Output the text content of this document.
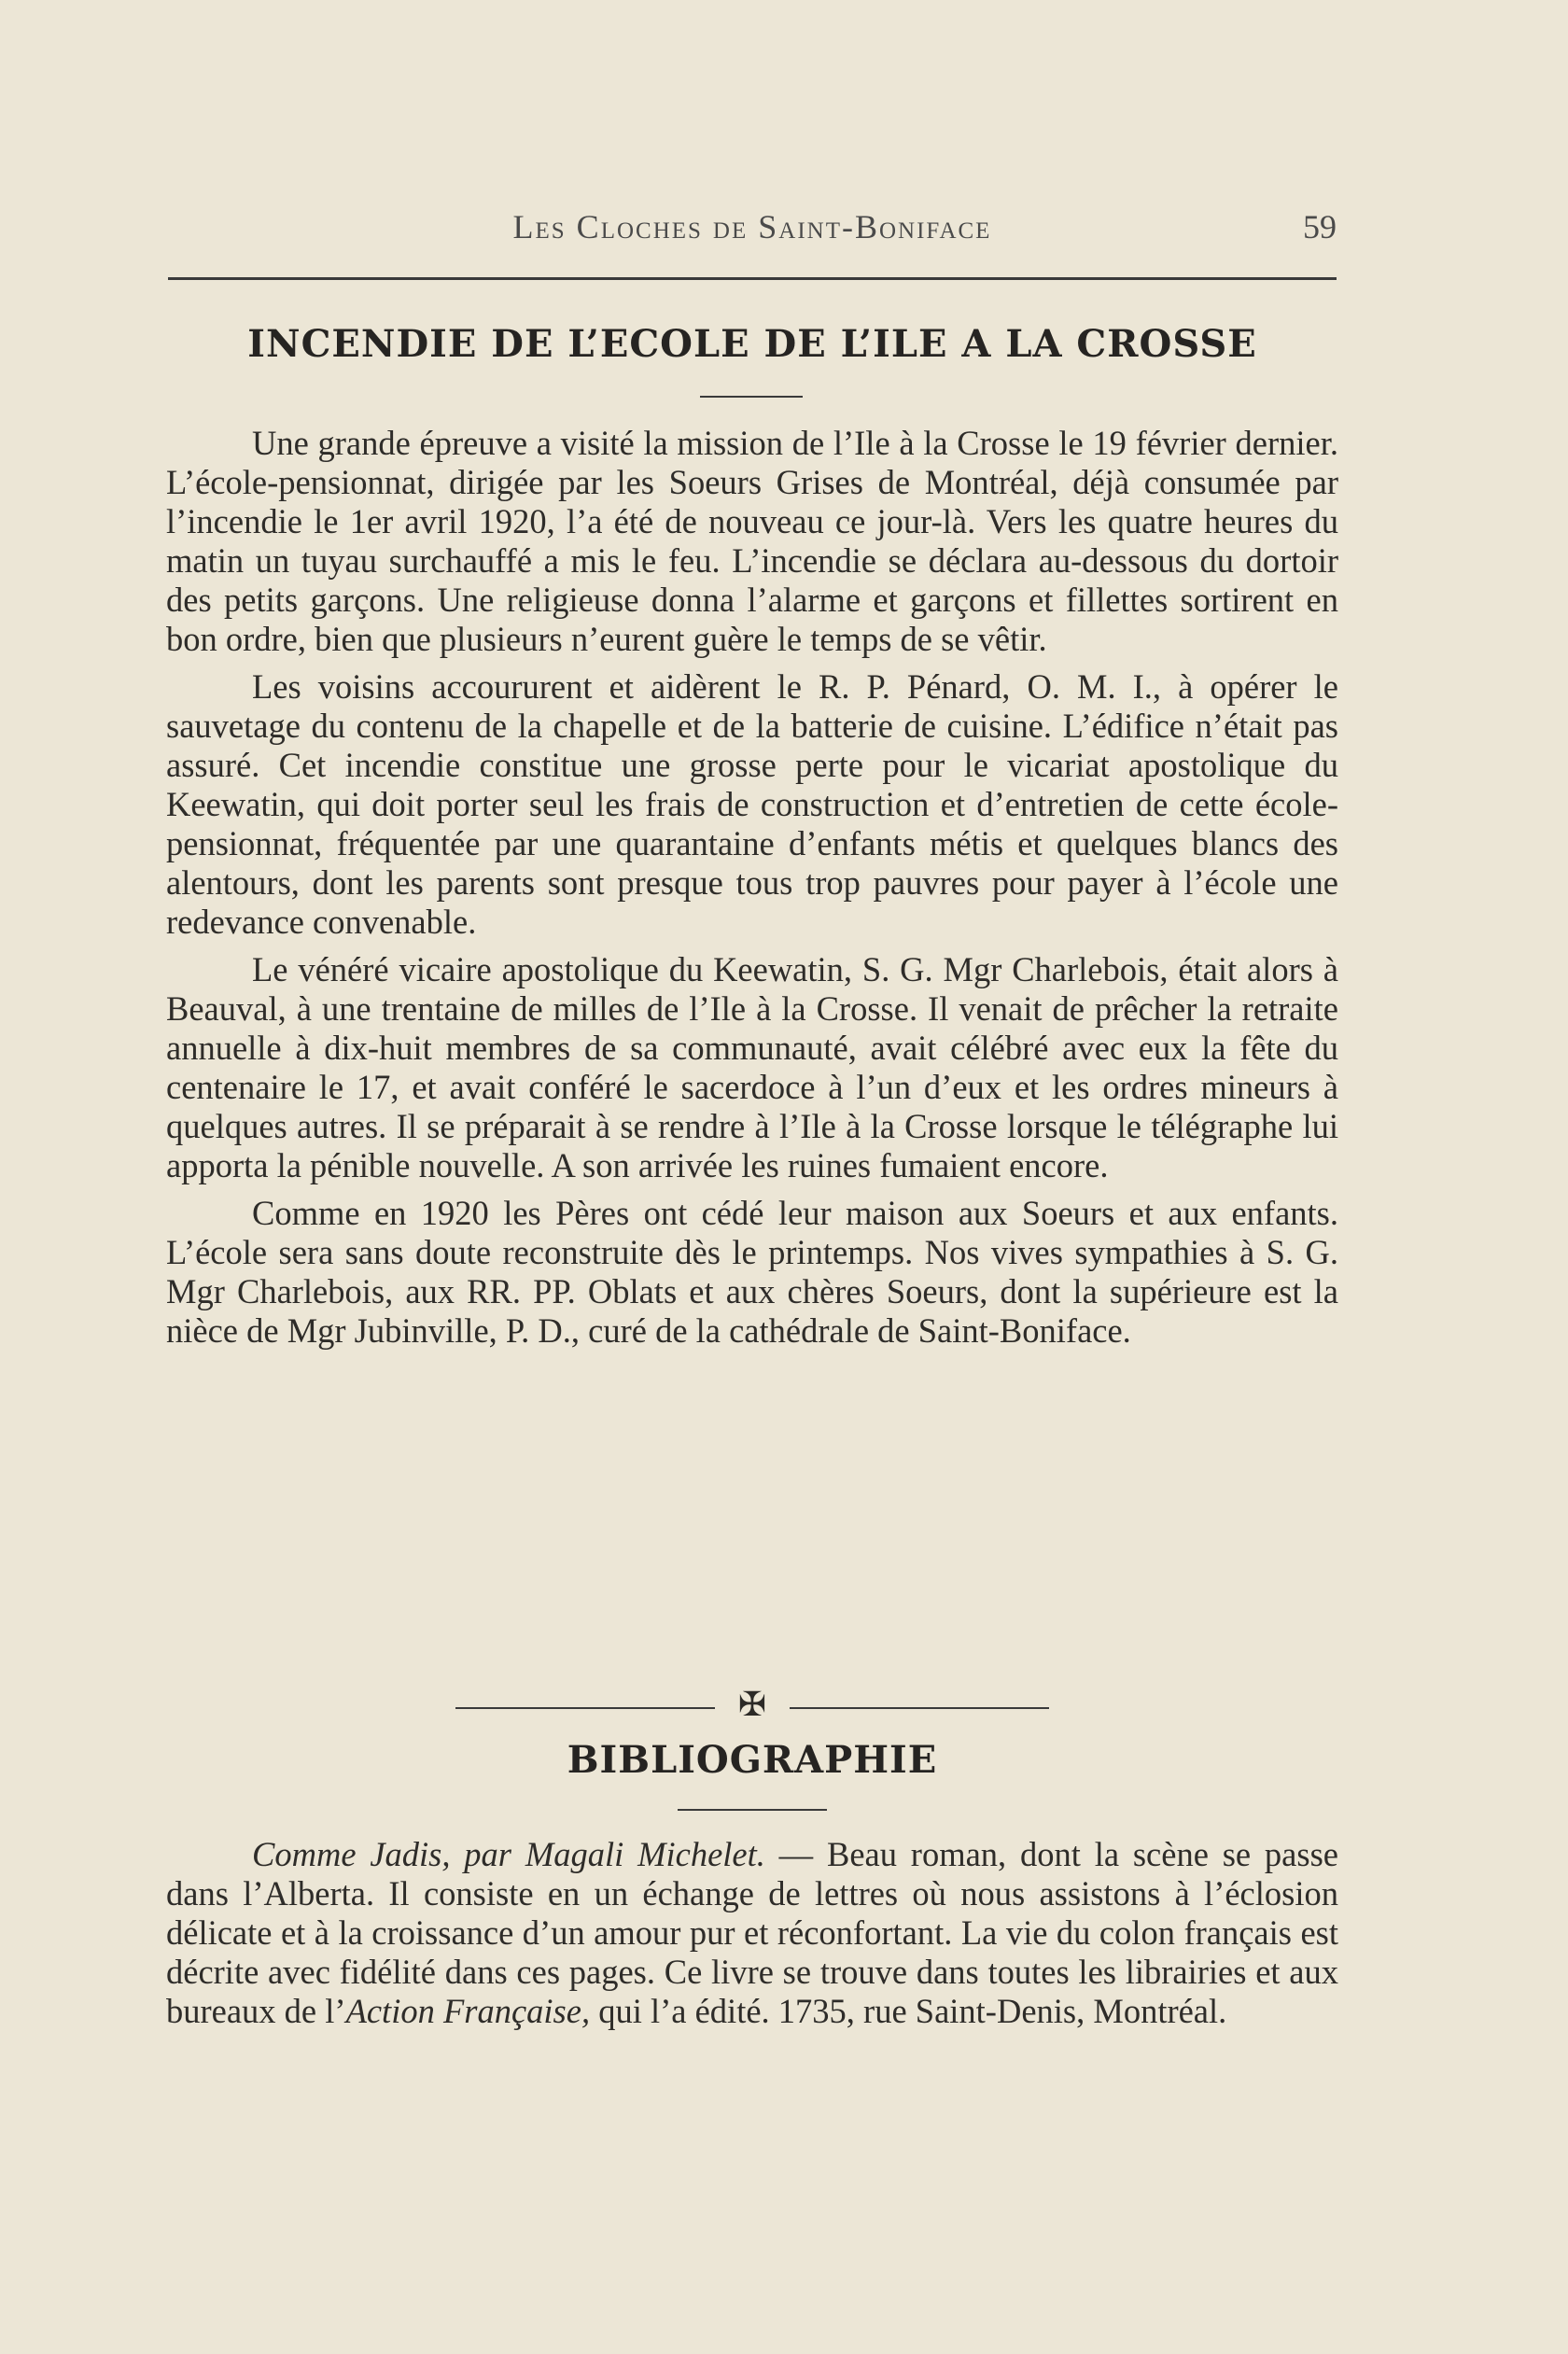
Les Cloches de Saint-Boniface	59
INCENDIE DE L’ECOLE DE L’ILE A LA CROSSE

Une grande épreuve a visité la mission de l’Ile à la Crosse le 19 février dernier. L’école-pensionnat, dirigée par les Soeurs Grises de Montréal, déjà consumée par l’incendie le 1er avril 1920, l’a été de nouveau ce jour-là. Vers les quatre heures du matin un tuyau surchauffé a mis le feu. L’incendie se déclara au-dessous du dortoir des petits garçons. Une religieuse donna l’alarme et garçons et fillettes sortirent en bon ordre, bien que plusieurs n’eurent guère le temps de se vêtir.

Les voisins accoururent et aidèrent le R. P. Pénard, O. M. I., à opérer le sauvetage du contenu de la chapelle et de la batterie de cuisine. L’édifice n’était pas assuré. Cet incendie constitue une grosse perte pour le vicariat apostolique du Keewatin, qui doit porter seul les frais de construction et d’entretien de cette école-pensionnat, fréquentée par une quarantaine d’enfants métis et quelques blancs des alentours, dont les parents sont presque tous trop pauvres pour payer à l’école une redevance convenable.

Le vénéré vicaire apostolique du Keewatin, S. G. Mgr Charlebois, était alors à Beauval, à une trentaine de milles de l’Ile à la Crosse. Il venait de prêcher la retraite annuelle à dix-huit membres de sa communauté, avait célébré avec eux la fête du centenaire le 17, et avait conféré le sacerdoce à l’un d’eux et les ordres mineurs à quelques autres. Il se préparait à se rendre à l’Ile à la Crosse lorsque le télégraphe lui apporta la pénible nouvelle. A son arrivée les ruines fumaient encore.

Comme en 1920 les Pères ont cédé leur maison aux Soeurs et aux enfants. L’école sera sans doute reconstruite dès le printemps. Nos vives sympathies à S. G. Mgr Charlebois, aux RR. PP. Oblats et aux chères Soeurs, dont la supérieure est la nièce de Mgr Jubinville, P. D., curé de la cathédrale de Saint-Boniface.

✠
BIBLIOGRAPHIE

Comme Jadis, par Magali Michelet. — Beau roman, dont la scène se passe dans l’Alberta. Il consiste en un échange de lettres où nous assistons à l’éclosion délicate et à la croissance d’un amour pur et réconfortant. La vie du colon français est décrite avec fidélité dans ces pages. Ce livre se trouve dans toutes les librairies et aux bureaux de l’Action Française, qui l’a édité. 1735, rue Saint-Denis, Montréal.
